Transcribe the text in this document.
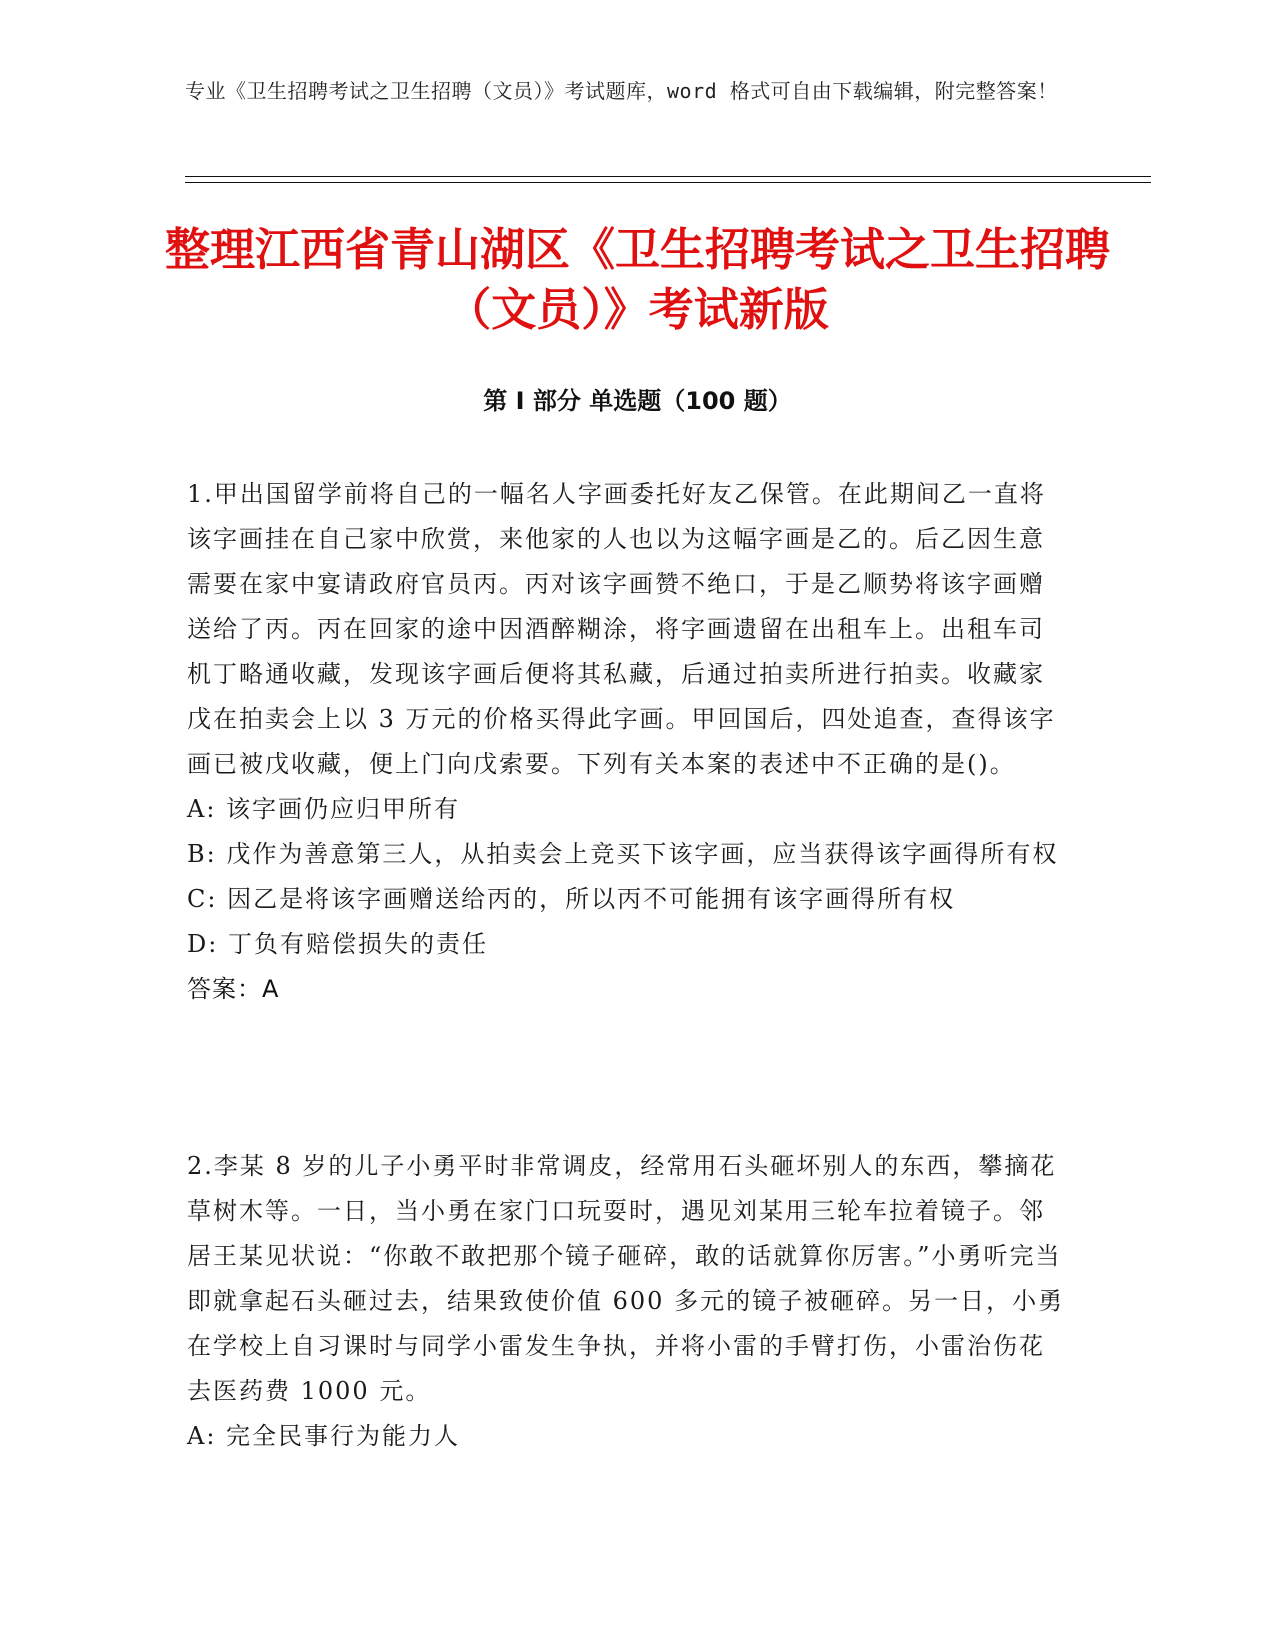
专业《卫生招聘考试之卫生招聘（文员）》考试题库，word 格式可自由下载编辑，附完整答案！
整理江西省青山湖区《卫生招聘考试之卫生招聘（文员）》考试新版
第 I 部分 单选题（100 题）

1.甲出国留学前将自己的一幅名人字画委托好友乙保管。在此期间乙一直将该字画挂在自己家中欣赏，来他家的人也以为这幅字画是乙的。后乙因生意需要在家中宴请政府官员丙。丙对该字画赞不绝口，于是乙顺势将该字画赠送给了丙。丙在回家的途中因酒醉糊涂，将字画遗留在出租车上。出租车司机丁略通收藏，发现该字画后便将其私藏，后通过拍卖所进行拍卖。收藏家戊在拍卖会上以 3 万元的价格买得此字画。甲回国后，四处追查，查得该字画已被戊收藏，便上门向戊索要。下列有关本案的表述中不正确的是()。

A: 该字画仍应归甲所有

B: 戊作为善意第三人，从拍卖会上竞买下该字画，应当获得该字画得所有权

C: 因乙是将该字画赠送给丙的，所以丙不可能拥有该字画得所有权

D: 丁负有赔偿损失的责任

答案：A

2.李某 8 岁的儿子小勇平时非常调皮，经常用石头砸坏别人的东西，攀摘花草树木等。一日，当小勇在家门口玩耍时，遇见刘某用三轮车拉着镜子。邻居王某见状说：“你敢不敢把那个镜子砸碎，敢的话就算你厉害。”小勇听完当即就拿起石头砸过去，结果致使价值 600 多元的镜子被砸碎。另一日，小勇在学校上自习课时与同学小雷发生争执，并将小雷的手臂打伤，小雷治伤花去医药费 1000 元。

A: 完全民事行为能力人
